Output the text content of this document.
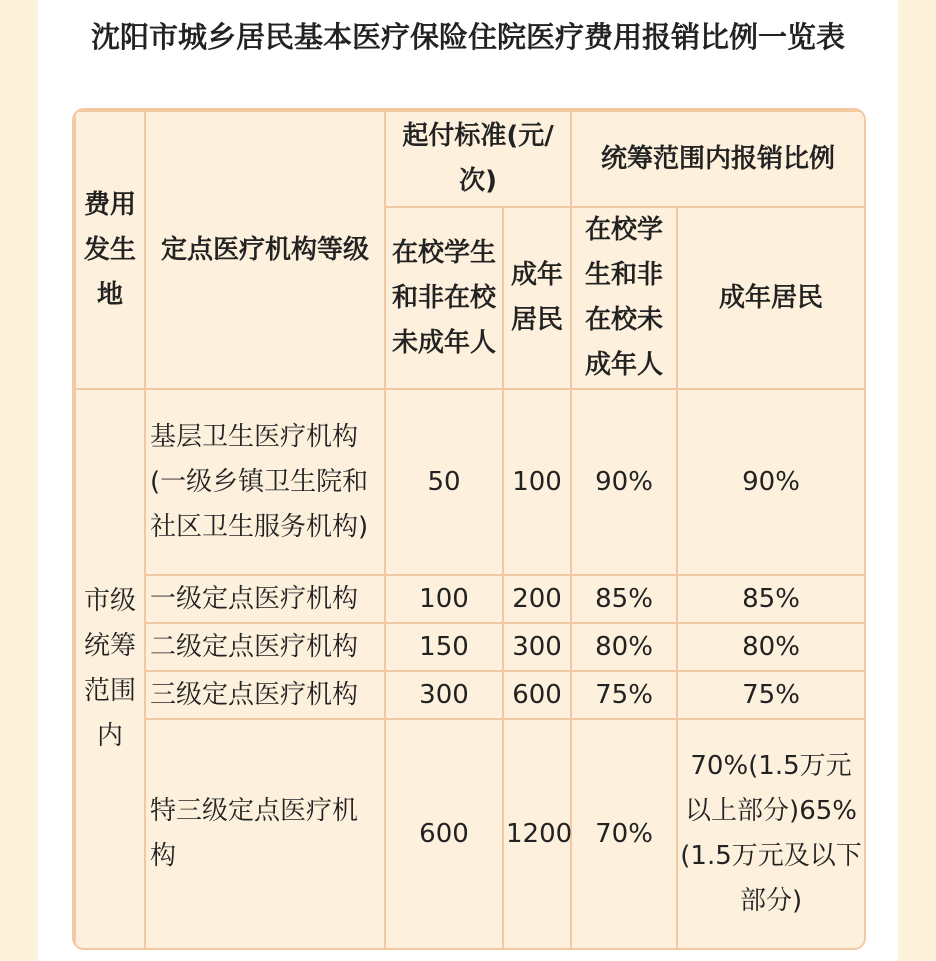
沈阳市城乡居民基本医疗保险住院医疗费用报销比例一览表
费用发生地	定点医疗机构等级	起付标准(元/次)		统筹范围内报销比例	
		在校学生和非在校未成年人	成年居民	在校学生和非在校未成年人	成年居民
市级统筹范围内	基层卫生医疗机构(一级乡镇卫生院和社区卫生服务机构)	50	100	90%	90%
	一级定点医疗机构	100	200	85%	85%
	二级定点医疗机构	150	300	80%	80%
	三级定点医疗机构	300	600	75%	75%
	特三级定点医疗机构	600	1200	70%	70%(1.5万元以上部分)65%(1.5万元及以下部分)
